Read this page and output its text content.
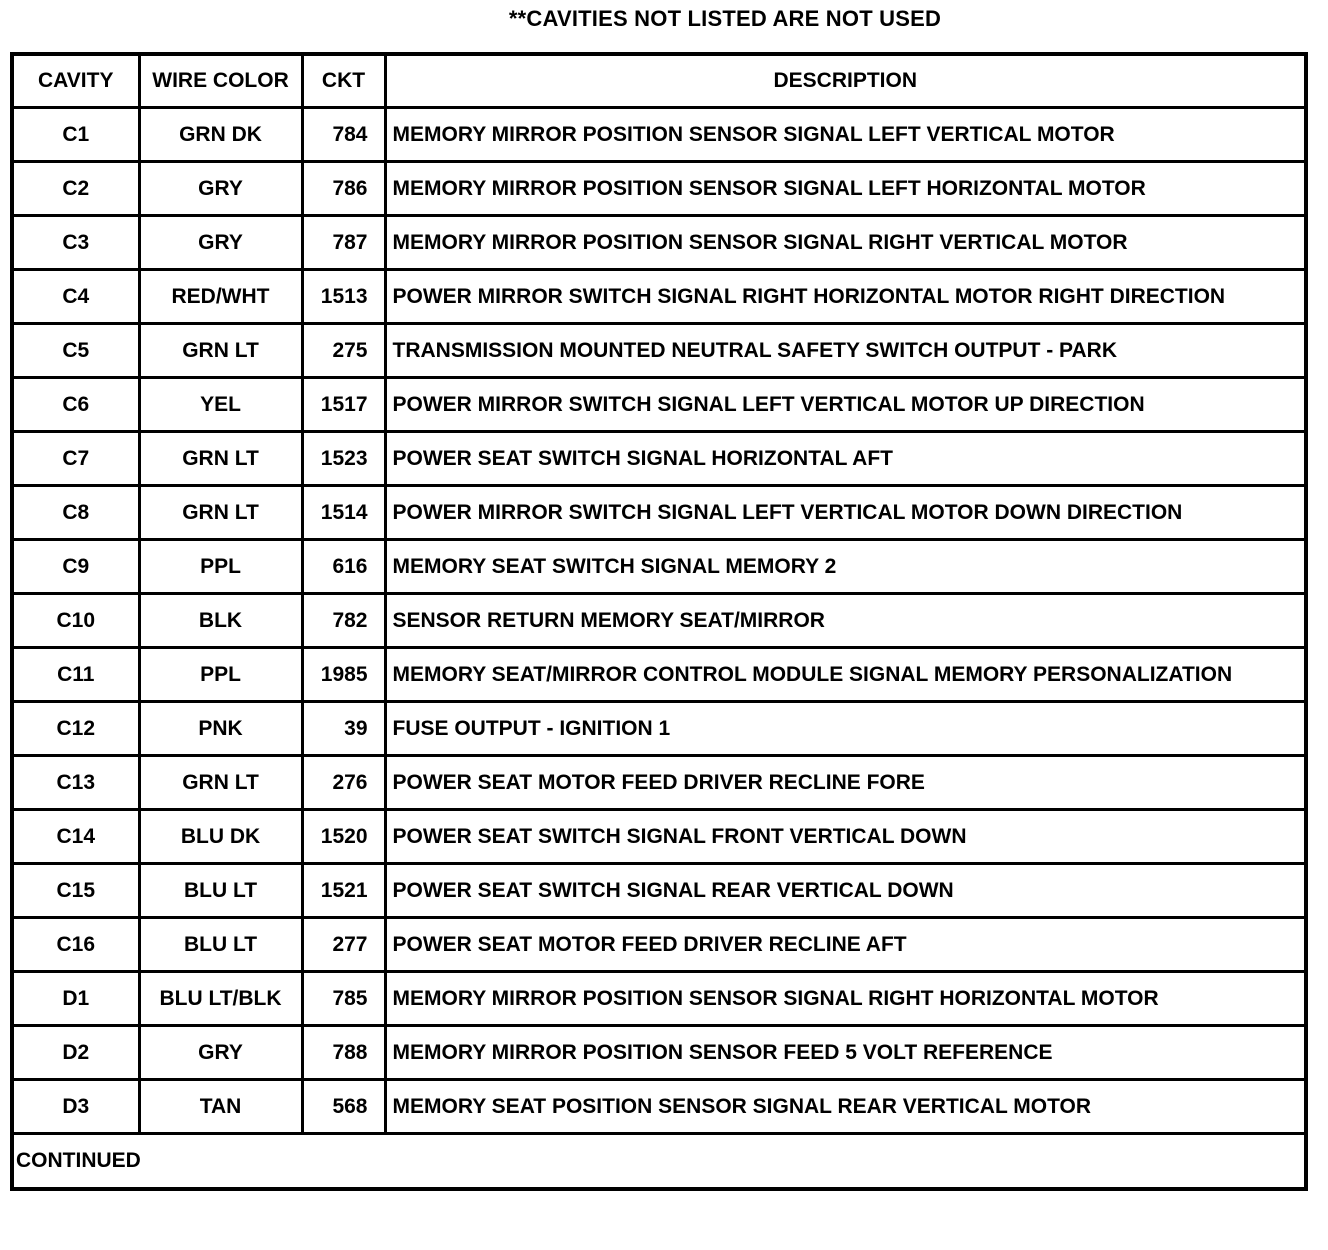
**CAVITIES NOT LISTED ARE NOT USED
CAVITY	WIRE COLOR	CKT	DESCRIPTION
C1	GRN DK	784	MEMORY MIRROR POSITION SENSOR SIGNAL LEFT VERTICAL MOTOR
C2	GRY	786	MEMORY MIRROR POSITION SENSOR SIGNAL LEFT HORIZONTAL MOTOR
C3	GRY	787	MEMORY MIRROR POSITION SENSOR SIGNAL RIGHT VERTICAL MOTOR
C4	RED/WHT	1513	POWER MIRROR SWITCH SIGNAL RIGHT HORIZONTAL MOTOR RIGHT DIRECTION
C5	GRN LT	275	TRANSMISSION MOUNTED NEUTRAL SAFETY SWITCH OUTPUT - PARK
C6	YEL	1517	POWER MIRROR SWITCH SIGNAL LEFT VERTICAL MOTOR UP DIRECTION
C7	GRN LT	1523	POWER SEAT SWITCH SIGNAL HORIZONTAL AFT
C8	GRN LT	1514	POWER MIRROR SWITCH SIGNAL LEFT VERTICAL MOTOR DOWN DIRECTION
C9	PPL	616	MEMORY SEAT SWITCH SIGNAL MEMORY 2
C10	BLK	782	SENSOR RETURN MEMORY SEAT/MIRROR
C11	PPL	1985	MEMORY SEAT/MIRROR CONTROL MODULE SIGNAL MEMORY PERSONALIZATION
C12	PNK	39	FUSE OUTPUT - IGNITION 1
C13	GRN LT	276	POWER SEAT MOTOR FEED DRIVER RECLINE FORE
C14	BLU DK	1520	POWER SEAT SWITCH SIGNAL FRONT VERTICAL DOWN
C15	BLU LT	1521	POWER SEAT SWITCH SIGNAL REAR VERTICAL DOWN
C16	BLU LT	277	POWER SEAT MOTOR FEED DRIVER RECLINE AFT
D1	BLU LT/BLK	785	MEMORY MIRROR POSITION SENSOR SIGNAL RIGHT HORIZONTAL MOTOR
D2	GRY	788	MEMORY MIRROR POSITION SENSOR FEED 5 VOLT REFERENCE
D3	TAN	568	MEMORY SEAT POSITION SENSOR SIGNAL REAR VERTICAL MOTOR
CONTINUED			
